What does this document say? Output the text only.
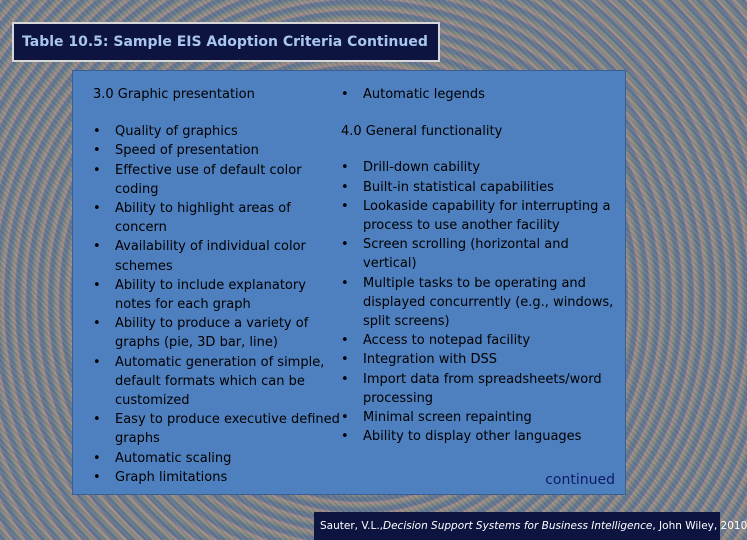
Table 10.5: Sample EIS Adoption Criteria Continued
3.0 Graphic presentation
• Quality of graphics
• Speed of presentation
• Effective use of default color coding
• Ability to highlight areas of concern
• Availability of individual color schemes
• Ability to include explanatory notes for each graph
• Ability to produce a variety of graphs (pie, 3D bar, line)
• Automatic generation of simple, default formats which can be customized
• Easy to produce executive defined graphs
• Automatic scaling
• Graph limitations
• Automatic legends
4.0 General functionality
• Drill-down cability
• Built-in statistical capabilities
• Lookaside capability for interrupting a process to use another facility
• Screen scrolling (horizontal and vertical)
• Multiple tasks to be operating and displayed concurrently (e.g., windows, split screens)
• Access to notepad facility
• Integration with DSS
• Import data from spreadsheets/word processing
• Minimal screen repainting
• Ability to display other languages
continued
Sauter, V.L., Decision Support Systems for Business Intelligence , John Wiley, 2010
